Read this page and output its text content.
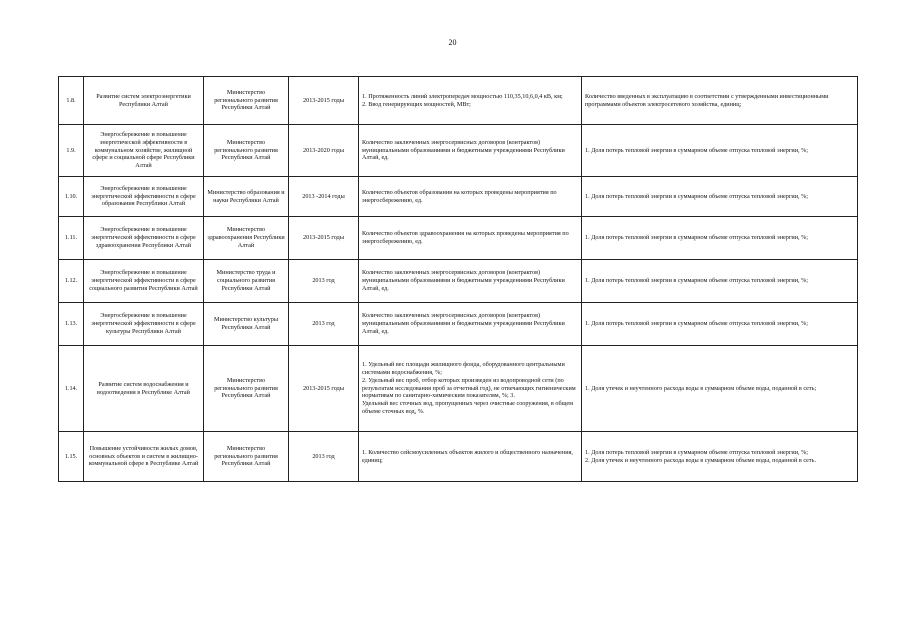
20
1.8.	Развитие систем электроэнергетики Республики Алтай	Министерство регионального развития Республики Алтай	2013-2015 годы	1. Протяженность линий электропередач мощностью 110,35,10,6,0,4 кВ, км;
2. Ввод генерирующих мощностей, МВт;	Количество введенных в эксплуатацию в соответствии с утвержденными инвестиционными программами объектов электросетевого хозяйства, единиц;

1.9.	Энергосбережение и повышение энергетической эффективности в коммунальном хозяйстве, жилищной сфере и социальной сфере Республики Алтай	Министерство регионального развития Республики Алтай	2013-2020 годы	Количество заключенных энергосервисных договоров (контрактов) муниципальными образованиями и бюджетными учреждениями Республики Алтай, ед.	1. Доля потерь тепловой энергии в суммарном объеме отпуска тепловой энергии, %;

1.10.	Энергосбережение и повышение энергетической эффективности в сфере образования Республики Алтай	Министерство образования и науки Республики Алтай	2013 -2014 годы	Количество объектов образования на которых проведены мероприятия по энергосбережению, ед.	1. Доля потерь тепловой энергии в суммарном объеме отпуска тепловой энергии, %;

1.11.	Энергосбережение и повышение энергетической эффективности в сфере здравоохранения Республики Алтай	Министерство здравоохранения Республики Алтай	2013-2015 годы	Количество объектов здравоохранения на которых проведены мероприятия по энергосбережению, ед.	1. Доля потерь тепловой энергии в суммарном объеме отпуска тепловой энергии, %;

1.12.	Энергосбережение и повышение энергетической эффективности в сфере социального развития Республики Алтай	Министерство труда и социального развития Республики Алтай	2013 год	Количество заключенных энергосервисных договоров (контрактов) муниципальными образованиями и бюджетными учреждениями Республики Алтай, ед.	1. Доля потерь тепловой энергии в суммарном объеме отпуска тепловой энергии, %;

1.13.	Энергосбережение и повышение энергетической эффективности в сфере культуры Республики Алтай	Министерство культуры Республики Алтай	2013 год	Количество заключенных энергосервисных договоров (контрактов) муниципальными образованиями и бюджетными учреждениями Республики Алтай, ед.	1. Доля потерь тепловой энергии в суммарном объеме отпуска тепловой энергии, %;

1.14.	Развитие систем водоснабжения и водоотведения в Республике Алтай	Министерство регионального развития Республики Алтай	2013-2015 годы	1. Удельный вес площади жилищного фонда, оборудованного центральными системами водоснабжения, %;
2. Удельный вес проб, отбор которых произведен из водопроводной сети (по результатам исследования проб за отчетный год), не отвечающих гигиеническим нормативам по санитарно-химическим показателям, %; 3.
Удельный вес сточных вод, пропущенных через очистные сооружения, в общем объеме сточных вод, %.	1. Доля утечек и неучтенного расхода воды в суммарном объеме воды, поданной в сеть;

1.15.	Повышение устойчивости жилых домов, основных объектов и систем в жилищно-коммунальной сфере в Республике Алтай	Министерство регионального развития Республики Алтай	2013 год	1. Количество сейсмоусиленных объектов жилого и общественного назначения, единиц;	1. Доля потерь тепловой энергии в суммарном объеме отпуска тепловой энергии, %;
2. Доля утечек и неучтенного расхода воды в суммарном объеме воды, поданной в сеть.
